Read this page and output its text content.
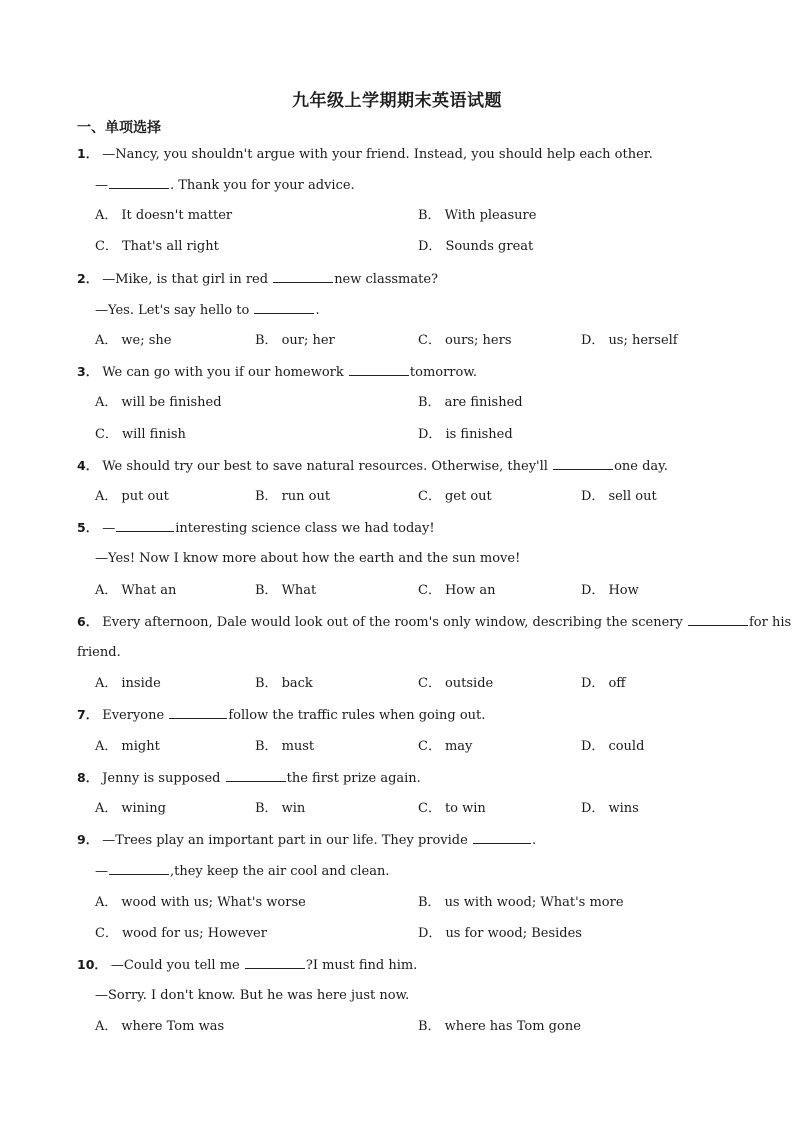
九年级上学期期末英语试题
一、单项选择
1． —Nancy, you shouldn't argue with your friend. Instead, you should help each other.
—	. Thank you for your advice.
A． It doesn't matter	B． With pleasure
C． That's all right	D． Sounds great
2． —Mike, is that girl in red	new classmate?
—Yes. Let's say hello to	.
A． we; she	B． our; her	C． ours; hers	D． us; herself
3． We can go with you if our homework	tomorrow.
A． will be finished	B． are finished
C． will finish	D． is finished
4． We should try our best to save natural resources. Otherwise, they'll	one day.
A． put out	B． run out	C． get out	D． sell out
5． —	interesting science class we had today!
—Yes! Now I know more about how the earth and the sun move!
A． What an	B． What	C． How an	D． How
6． Every afternoon, Dale would look out of the room's only window, describing the scenery	for his
friend.
A． inside	B． back	C． outside	D． off
7． Everyone	follow the traffic rules when going out.
A． might	B． must	C． may	D． could
8． Jenny is supposed	the first prize again.
A． wining	B． win	C． to win	D． wins
9． —Trees play an important part in our life. They provide	.
—	,they keep the air cool and clean.
A． wood with us; What's worse	B． us with wood; What's more
C． wood for us; However	D． us for wood; Besides
10． —Could you tell me	?I must find him.
—Sorry. I don't know. But he was here just now.
A． where Tom was	B． where has Tom gone
